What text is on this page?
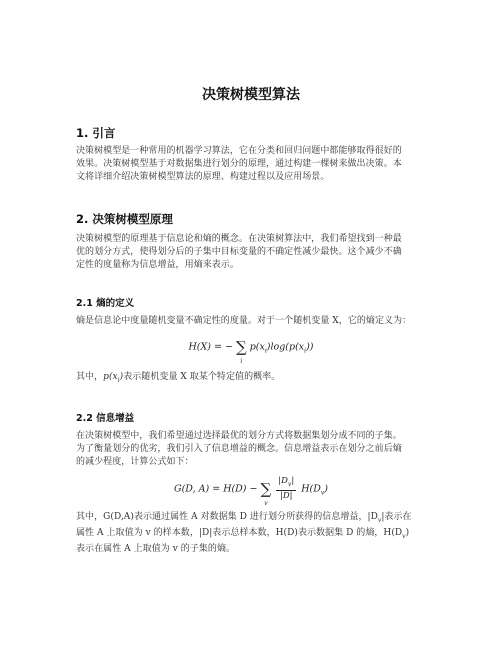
决策树模型算法
1. 引言
决策树模型是一种常用的机器学习算法，它在分类和回归问题中都能够取得很好的
效果。决策树模型基于对数据集进行划分的原理，通过构建一棵树来做出决策。本
文将详细介绍决策树模型算法的原理、构建过程以及应用场景。
2. 决策树模型原理
决策树模型的原理基于信息论和熵的概念。在决策树算法中，我们希望找到一种最
优的划分方式，使得划分后的子集中目标变量的不确定性减少最快。这个减少不确
定性的度量称为信息增益，用熵来表示。
2.1 熵的定义
熵是信息论中度量随机变量不确定性的度量。对于一个随机变量 X，它的熵定义为：
H(X) = − ∑
i
$p(x_i)\log(p(x_i))$
其中，$p(x_i)$表示随机变量 X 取某个特定值的概率。
2.2 信息增益
在决策树模型中，我们希望通过选择最优的划分方式将数据集划分成不同的子集。
为了衡量划分的优劣，我们引入了信息增益的概念。信息增益表示在划分之前后熵
的减少程度，计算公式如下：
G(D, A) = H(D) − ∑
v

$\frac{|D_v|}{|D|} H(D_v)$
其中，G(D,A)表示通过属性 A 对数据集 D 进行划分所获得的信息增益，$|D_v|$表示在
属性 A 上取值为 v 的样本数，|D|表示总样本数，H(D)表示数据集 D 的熵，$H(D_v)$
表示在属性 A 上取值为 v 的子集的熵。
